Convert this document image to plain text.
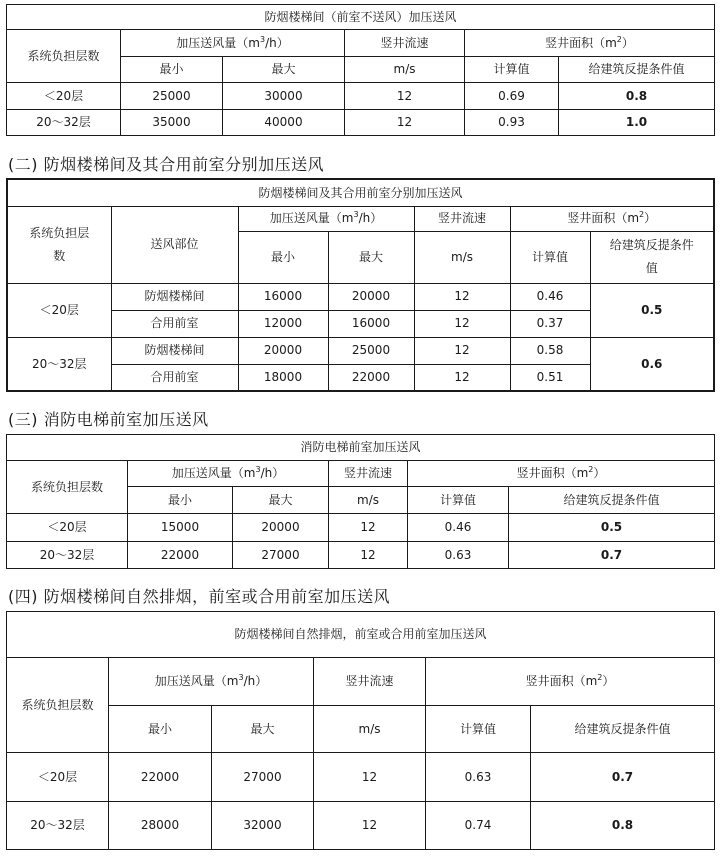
防烟楼梯间（前室不送风）加压送风					
系统负担层数	加压送风量$(m^3/h)$		竖井流速	竖井面积$(m^2)$	
	最小	最大	m/s	计算值	给建筑反提条件值
＜20层	25000	30000	12	0.69	0.8
20～32层	35000	40000	12	0.93	1.0
(二) 防烟楼梯间及其合用前室分别加压送风
防烟楼梯间及其合用前室分别加压送风						
系统负担层
数	送风部位	加压送风量$(m^3/h)$		竖井流速	竖井面积$(m^2)$	
		最小	最大	m/s	计算值	给建筑反提条件
值
＜20层	防烟楼梯间	16000	20000	12	0.46	0.5
	合用前室	12000	16000	12	0.37	
20～32层	防烟楼梯间	20000	25000	12	0.58	0.6
	合用前室	18000	22000	12	0.51	
(三) 消防电梯前室加压送风
消防电梯前室加压送风					
系统负担层数	加压送风量$(m^3/h)$		竖井流速	竖井面积$(m^2)$	
	最小	最大	m/s	计算值	给建筑反提条件值
＜20层	15000	20000	12	0.46	0.5
20～32层	22000	27000	12	0.63	0.7
(四) 防烟楼梯间自然排烟，前室或合用前室加压送风
防烟楼梯间自然排烟，前室或合用前室加压送风					
系统负担层数	加压送风量$(m^3/h)$		竖井流速	竖井面积$(m^2)$	
	最小	最大	m/s	计算值	给建筑反提条件值
＜20层	22000	27000	12	0.63	0.7
20～32层	28000	32000	12	0.74	0.8
